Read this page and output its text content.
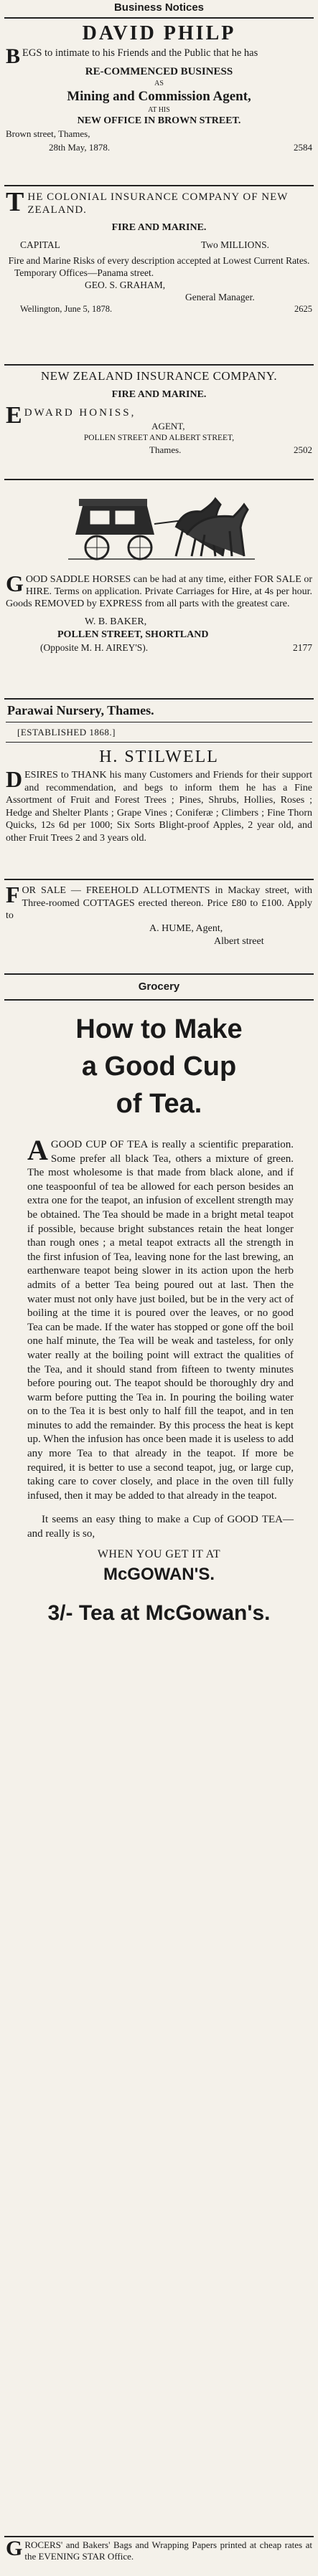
Business Notices
DAVID PHILP
B EGS to intimate to his Friends and the Public that he has
RE-COMMENCED BUSINESS
AS
Mining and Commission Agent,
AT HIS
NEW OFFICE IN BROWN STREET.
Brown street, Thames,
28th May, 1878.	2584
T HE COLONIAL INSURANCE COMPANY OF NEW ZEALAND.
FIRE AND MARINE.
CAPITAL	Two MILLIONS.
Fire and Marine Risks of every description accepted at Lowest Current Rates.
Temporary Offices—Panama street.
GEO. S. GRAHAM,
General Manager.
Wellington, June 5, 1878.	2625
NEW ZEALAND INSURANCE COMPANY.
FIRE AND MARINE.
E DWARD HONISS,
AGENT,
POLLEN STREET AND ALBERT STREET,
Thames.	2502
G OOD SADDLE HORSES can be had at any time, either FOR SALE or HIRE. Terms on application. Private Carriages for Hire, at 4s per hour. Goods REMOVED by EXPRESS from all parts with the greatest care.
W. B. BAKER,
POLLEN STREET, SHORTLAND
(Opposite M. H. AIREY'S).	2177
Parawai Nursery, Thames.
[ESTABLISHED 1868.]
H. STILWELL
D ESIRES to THANK his many Customers and Friends for their support and recommendation, and begs to inform them he has a Fine Assortment of Fruit and Forest Trees ; Pines, Shrubs, Hollies, Roses ; Hedge and Shelter Plants ; Grape Vines ; Coniferæ ; Climbers ; Fine Thorn Quicks, 12s 6d per 1000; Six Sorts Blight-proof Apples, 2 year old, and other Fruit Trees 2 and 3 years old.
F OR SALE — FREEHOLD ALLOTMENTS in Mackay street, with Three-roomed COTTAGES erected thereon. Price £80 to £100. Apply to
A. HUME, Agent,
Albert street
Grocery
How to Make
a Good Cup
of Tea.
A GOOD CUP OF TEA is really a scientific preparation. Some prefer all black Tea, others a mixture of green. The most wholesome is that made from black alone, and if one teaspoonful of tea be allowed for each person besides an extra one for the teapot, an infusion of excellent strength may be obtained. The Tea should be made in a bright metal teapot if possible, because bright substances retain the heat longer than rough ones ; a metal teapot extracts all the strength in the first infusion of Tea, leaving none for the last brewing, an earthenware teapot being slower in its action upon the herb admits of a better Tea being poured out at last. Then the water must not only have just boiled, but be in the very act of boiling at the time it is poured over the leaves, or no good Tea can be made. If the water has stopped or gone off the boil one half minute, the Tea will be weak and tasteless, for only water really at the boiling point will extract the qualities of the Tea, and it should stand from fifteen to twenty minutes before pouring out. The teapot should be thoroughly dry and warm before putting the Tea in. In pouring the boiling water on to the Tea it is best only to half fill the teapot, and in ten minutes to add the remainder. By this process the heat is kept up. When the infusion has once been made it is useless to add any more Tea to that already in the teapot. If more be required, it is better to use a second teapot, jug, or large cup, taking care to cover closely, and place in the oven till fully infused, then it may be added to that already in the teapot.
It seems an easy thing to make a Cup of GOOD TEA—and really is so,
WHEN YOU GET IT AT
McGOWAN'S.
3/- Tea at McGowan's.
G ROCERS' and Bakers' Bags and Wrapping Papers printed at cheap rates at the EVENING STAR Office.
